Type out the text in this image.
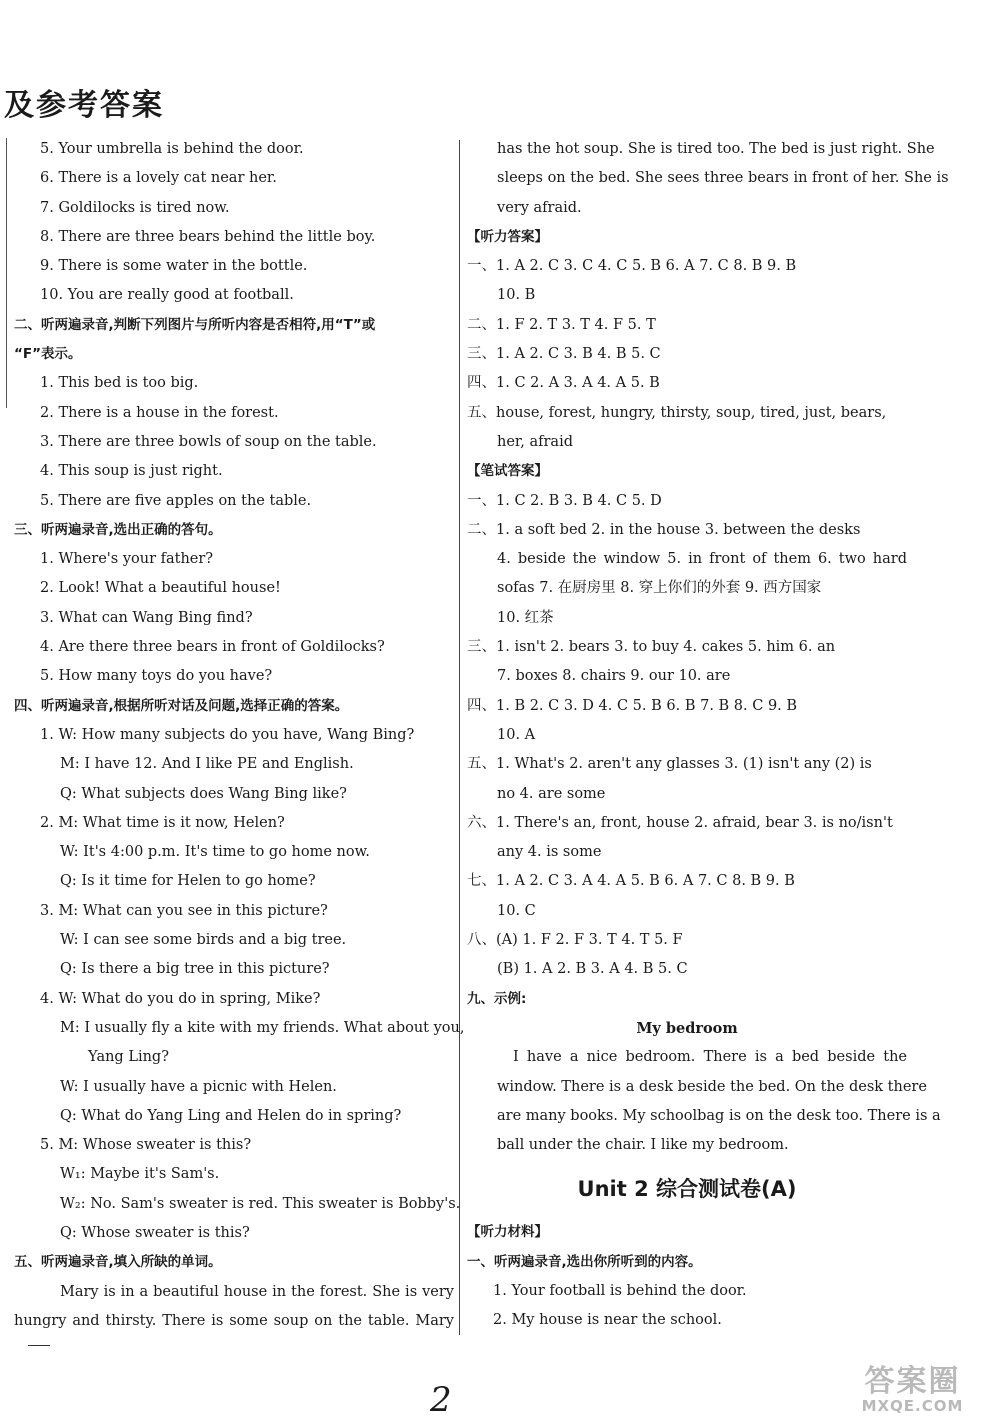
及参考答案
5. Your umbrella is behind the door.
6. There is a lovely cat near her.
7. Goldilocks is tired now.
8. There are three bears behind the little boy.
9. There is some water in the bottle.
10. You are really good at football.
二、听两遍录音,判断下列图片与所听内容是否相符,用“T”或
“F”表示。
1. This bed is too big.
2. There is a house in the forest.
3. There are three bowls of soup on the table.
4. This soup is just right.
5. There are five apples on the table.
三、听两遍录音,选出正确的答句。
1. Where's your father?
2. Look! What a beautiful house!
3. What can Wang Bing find?
4. Are there three bears in front of Goldilocks?
5. How many toys do you have?
四、听两遍录音,根据所听对话及问题,选择正确的答案。
1. W: How many subjects do you have, Wang Bing?
M: I have 12. And I like PE and English.
Q: What subjects does Wang Bing like?
2. M: What time is it now, Helen?
W: It's 4:00 p.m. It's time to go home now.
Q: Is it time for Helen to go home?
3. M: What can you see in this picture?
W: I can see some birds and a big tree.
Q: Is there a big tree in this picture?
4. W: What do you do in spring, Mike?
M: I usually fly a kite with my friends. What about you,
Yang Ling?
W: I usually have a picnic with Helen.
Q: What do Yang Ling and Helen do in spring?
5. M: Whose sweater is this?
W₁: Maybe it's Sam's.
W₂: No. Sam's sweater is red. This sweater is Bobby's.
Q: Whose sweater is this?
五、听两遍录音,填入所缺的单词。
Mary is in a beautiful house in the forest. She is very
hungry and thirsty. There is some soup on the table. Mary
has the hot soup. She is tired too. The bed is just right. She
sleeps on the bed. She sees three bears in front of her. She is
very afraid.
【听力答案】
一、1. A 2. C 3. C 4. C 5. B 6. A 7. C 8. B 9. B
10. B
二、1. F 2. T 3. T 4. F 5. T
三、1. A 2. C 3. B 4. B 5. C
四、1. C 2. A 3. A 4. A 5. B
五、house, forest, hungry, thirsty, soup, tired, just, bears,
her, afraid
【笔试答案】
一、1. C 2. B 3. B 4. C 5. D
二、1. a soft bed 2. in the house 3. between the desks
4. beside the window 5. in front of them 6. two hard
sofas 7. 在厨房里 8. 穿上你们的外套 9. 西方国家
10. 红茶
三、1. isn't 2. bears 3. to buy 4. cakes 5. him 6. an
7. boxes 8. chairs 9. our 10. are
四、1. B 2. C 3. D 4. C 5. B 6. B 7. B 8. C 9. B
10. A
五、1. What's 2. aren't any glasses 3. (1) isn't any (2) is
no 4. are some
六、1. There's an, front, house 2. afraid, bear 3. is no/isn't
any 4. is some
七、1. A 2. C 3. A 4. A 5. B 6. A 7. C 8. B 9. B
10. C
八、(A) 1. F 2. F 3. T 4. T 5. F
(B) 1. A 2. B 3. A 4. B 5. C
九、示例:
My bedroom
I have a nice bedroom. There is a bed beside the
window. There is a desk beside the bed. On the desk there
are many books. My schoolbag is on the desk too. There is a
ball under the chair. I like my bedroom.
Unit 2 综合测试卷(A)
【听力材料】
一、听两遍录音,选出你所听到的内容。
1. Your football is behind the door.
2. My house is near the school.
2	答案圈
MXQE.COM
